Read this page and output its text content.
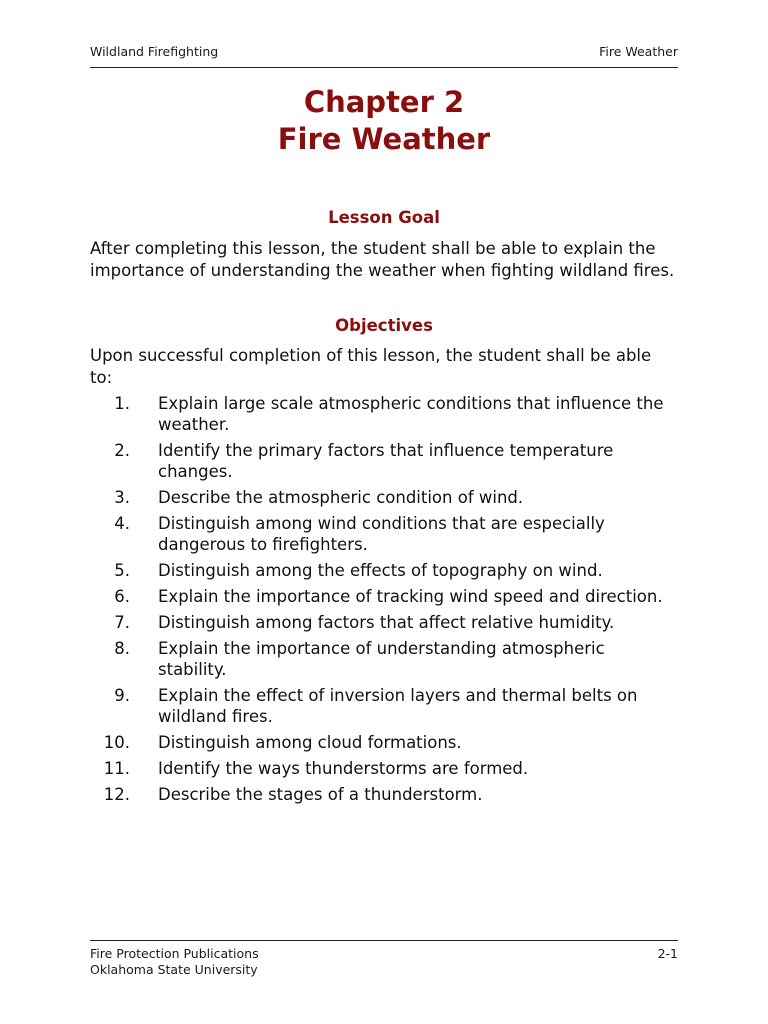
Wildland Firefighting	Fire Weather
Chapter 2
Fire Weather
Lesson Goal
After completing this lesson, the student shall be able to explain the importance of understanding the weather when fighting wildland fires.
Objectives
Upon successful completion of this lesson, the student shall be able to:
1. Explain large scale atmospheric conditions that influence the weather.
2. Identify the primary factors that influence temperature changes.
3. Describe the atmospheric condition of wind.
4. Distinguish among wind conditions that are especially dangerous to firefighters.
5. Distinguish among the effects of topography on wind.
6. Explain the importance of tracking wind speed and direction.
7. Distinguish among factors that affect relative humidity.
8. Explain the importance of understanding atmospheric stability.
9. Explain the effect of inversion layers and thermal belts on wildland fires.
10. Distinguish among cloud formations.
11. Identify the ways thunderstorms are formed.
12. Describe the stages of a thunderstorm.
Fire Protection Publications
Oklahoma State University
2-1
